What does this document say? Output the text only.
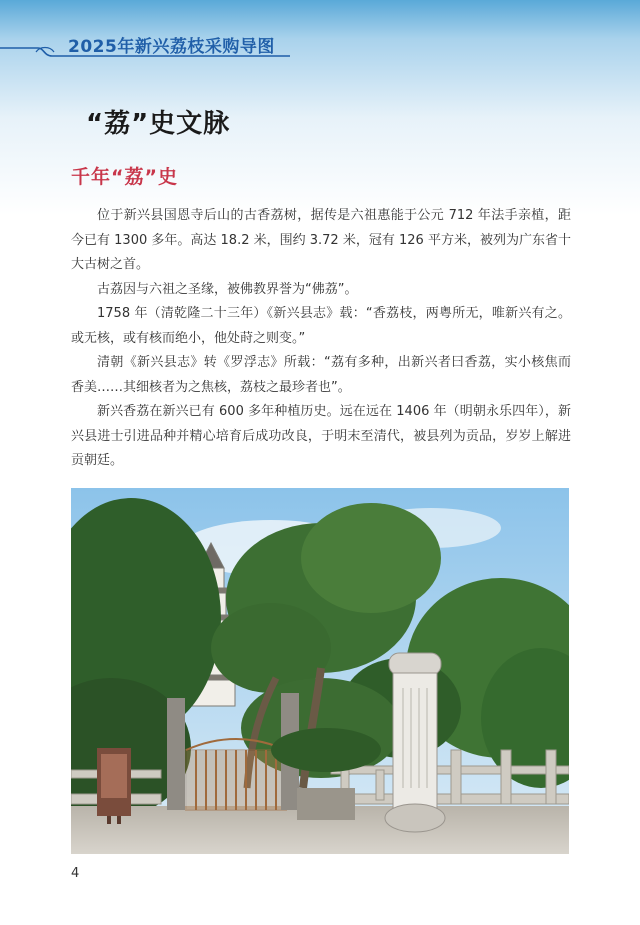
2025年新兴荔枝采购导图
“荔”史文脉
千年“荔”史

位于新兴县国恩寺后山的古香荔树，据传是六祖惠能于公元 712 年法手亲植，距今已有 1300 多年。高达 18.2 米，围约 3.72 米，冠有 126 平方米，被列为广东省十大古树之首。

古荔因与六祖之圣缘，被佛教界誉为“佛荔”。

1758 年（清乾隆二十三年）《新兴县志》载：“香荔枝，两粤所无，唯新兴有之。或无核，或有核而绝小，他处莳之则变。”

清朝《新兴县志》转《罗浮志》所载：“荔有多种，出新兴者曰香荔，实小核焦而香美……其细核者为之焦核，荔枝之最珍者也”。

新兴香荔在新兴已有 600 多年种植历史。远在远在 1406 年（明朝永乐四年），新兴县进士引进品种并精心培育后成功改良，于明末至清代，被县列为贡品，岁岁上解进贡朝廷。

4
